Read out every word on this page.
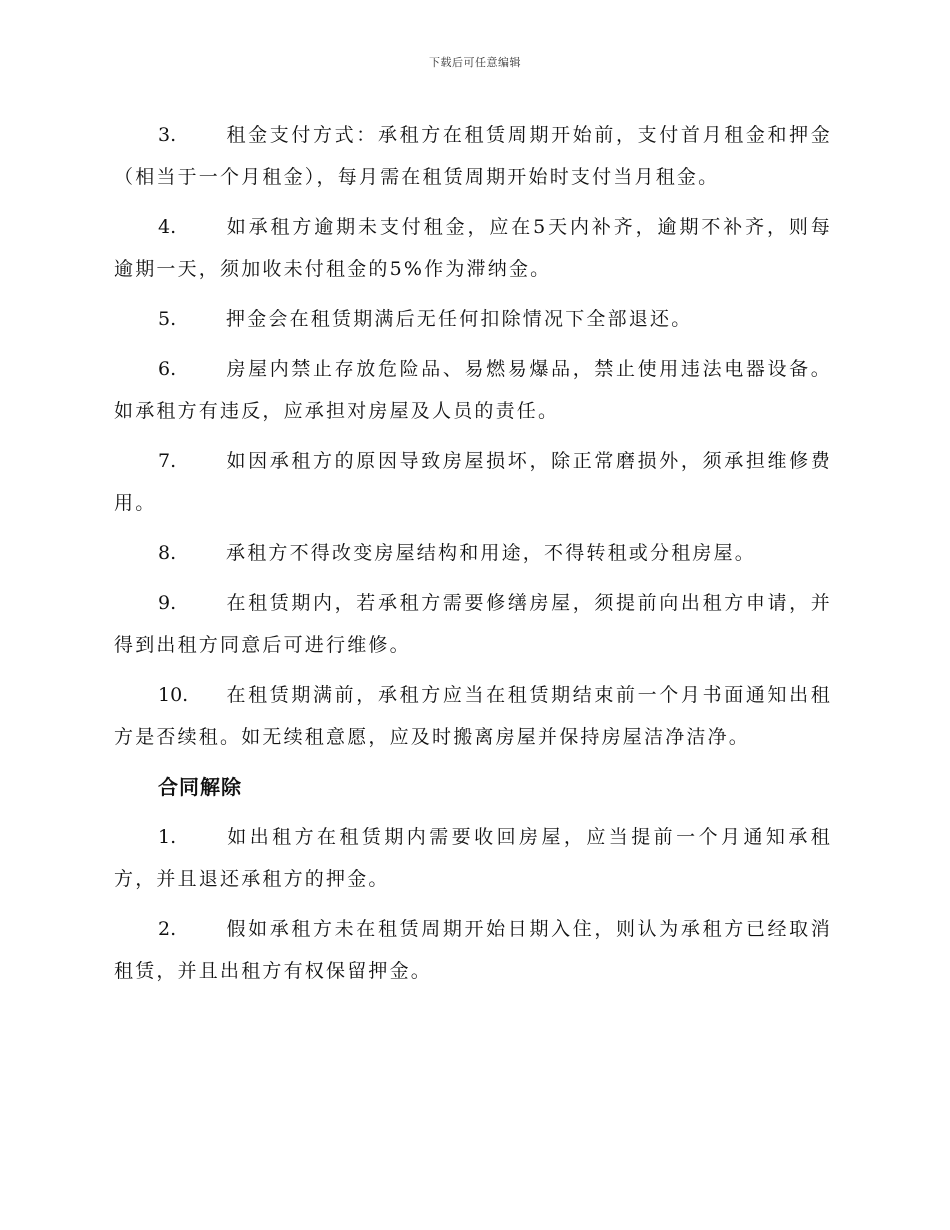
下载后可任意编辑
3.	租金支付方式：承租方在租赁周期开始前，支付首月租金和押金（相当于一个月租金），每月需在租赁周期开始时支付当月租金。
4.	如承租方逾期未支付租金，应在5天内补齐，逾期不补齐，则每逾期一天，须加收未付租金的5%作为滞纳金。
5.	押金会在租赁期满后无任何扣除情况下全部退还。
6.	房屋内禁止存放危险品、易燃易爆品，禁止使用违法电器设备。如承租方有违反，应承担对房屋及人员的责任。
7.	如因承租方的原因导致房屋损坏，除正常磨损外，须承担维修费用。
8.	承租方不得改变房屋结构和用途，不得转租或分租房屋。
9.	在租赁期内，若承租方需要修缮房屋，须提前向出租方申请，并得到出租方同意后可进行维修。
10. 在租赁期满前，承租方应当在租赁期结束前一个月书面通知出租方是否续租。如无续租意愿，应及时搬离房屋并保持房屋洁净洁净。
合同解除
1.	如出租方在租赁期内需要收回房屋，应当提前一个月通知承租方，并且退还承租方的押金。
2.	假如承租方未在租赁周期开始日期入住，则认为承租方已经取消租赁，并且出租方有权保留押金。
